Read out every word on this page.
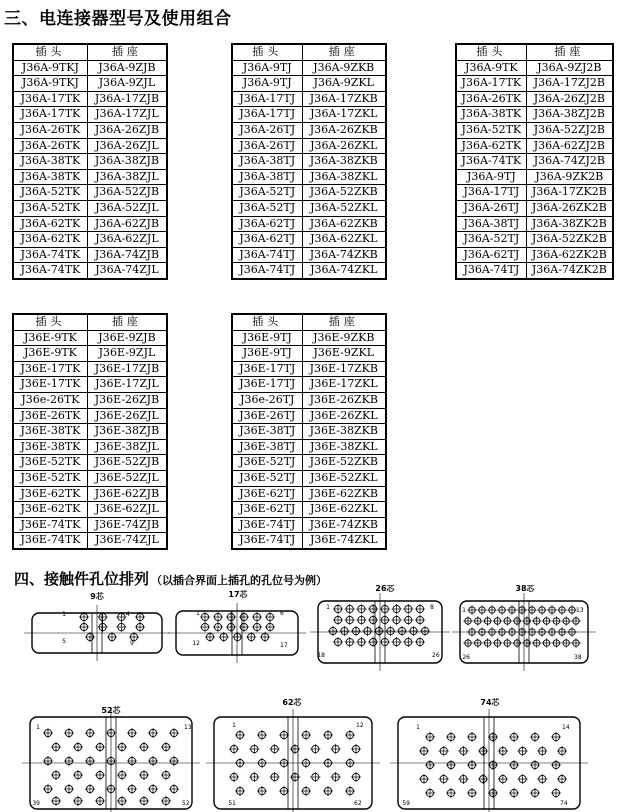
三、电连接器型号及使用组合
插头	插座
J36A-9TKJ	J36A-9ZJB
J36A-9TKJ	J36A-9ZJL
J36A-17TK	J36A-17ZJB
J36A-17TK	J36A-17ZJL
J36A-26TK	J36A-26ZJB
J36A-26TK	J36A-26ZJL
J36A-38TK	J36A-38ZJB
J36A-38TK	J36A-38ZJL
J36A-52TK	J36A-52ZJB
J36A-52TK	J36A-52ZJL
J36A-62TK	J36A-62ZJB
J36A-62TK	J36A-62ZJL
J36A-74TK	J36A-74ZJB
J36A-74TK	J36A-74ZJL
插头	插座
J36A-9TJ	J36A-9ZKB
J36A-9TJ	J36A-9ZKL
J36A-17TJ	J36A-17ZKB
J36A-17TJ	J36A-17ZKL
J36A-26TJ	J36A-26ZKB
J36A-26TJ	J36A-26ZKL
J36A-38TJ	J36A-38ZKB
J36A-38TJ	J36A-38ZKL
J36A-52TJ	J36A-52ZKB
J36A-52TJ	J36A-52ZKL
J36A-62TJ	J36A-62ZKB
J36A-62TJ	J36A-62ZKL
J36A-74TJ	J36A-74ZKB
J36A-74TJ	J36A-74ZKL
插头	插座
J36A-9TK	J36A-9ZJ2B
J36A-17TK	J36A-17ZJ2B
J36A-26TK	J36A-26ZJ2B
J36A-38TK	J36A-38ZJ2B
J36A-52TK	J36A-52ZJ2B
J36A-62TK	J36A-62ZJ2B
J36A-74TK	J36A-74ZJ2B
J36A-9TJ	J36A-9ZK2B
J36A-17TJ	J36A-17ZK2B
J36A-26TJ	J36A-26ZK2B
J36A-38TJ	J36A-38ZK2B
J36A-52TJ	J36A-52ZK2B
J36A-62TJ	J36A-62ZK2B
J36A-74TJ	J36A-74ZK2B
插头	插座
J36E-9TK	J36E-9ZJB
J36E-9TK	J36E-9ZJL
J36E-17TK	J36E-17ZJB
J36E-17TK	J36E-17ZJL
J36e-26TK	J36E-26ZJB
J36E-26TK	J36E-26ZJL
J36E-38TK	J36E-38ZJB
J36E-38TK	J36E-38ZJL
J36E-52TK	J36E-52ZJB
J36E-52TK	J36E-52ZJL
J36E-62TK	J36E-62ZJB
J36E-62TK	J36E-62ZJL
J36E-74TK	J36E-74ZJB
J36E-74TK	J36E-74ZJL
插头	插座
J36E-9TJ	J36E-9ZKB
J36E-9TJ	J36E-9ZKL
J36E-17TJ	J36E-17ZKB
J36E-17TJ	J36E-17ZKL
J36e-26TJ	J36E-26ZKB
J36E-26TJ	J36E-26ZKL
J36E-38TJ	J36E-38ZKB
J36E-38TJ	J36E-38ZKL
J36E-52TJ	J36E-52ZKB
J36E-52TJ	J36E-52ZKL
J36E-62TJ	J36E-62ZKB
J36E-62TJ	J36E-62ZKL
J36E-74TJ	J36E-74ZKB
J36E-74TJ	J36E-74ZKL
四、接触件孔位排列 （以插合界面上插孔的孔位号为例）
9芯
1	4
5	9
17芯
1	6
12	17
26芯
1	8
18	26
38芯
1	13
26	38
52芯
1	13
39	52
62芯
1	12
51	62
74芯
1	14
59	74
